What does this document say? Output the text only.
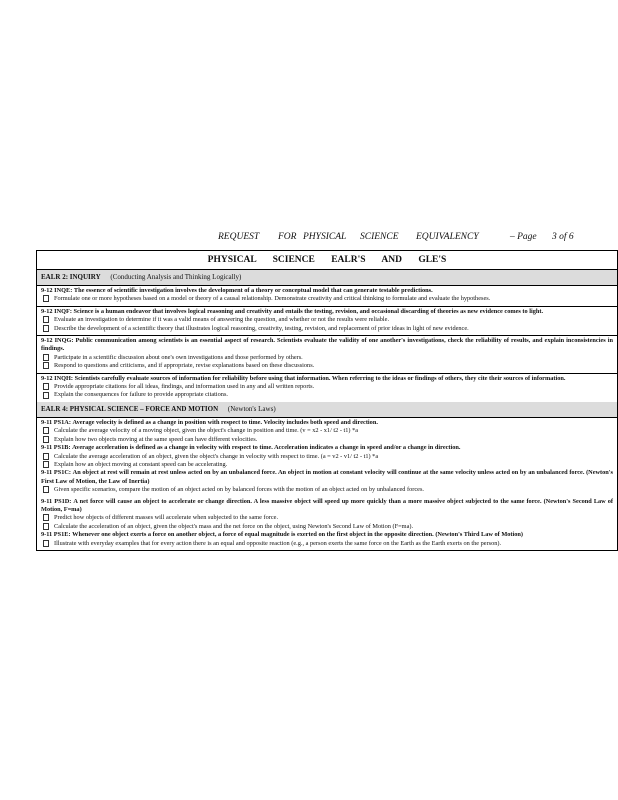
REQUEST FOR PHYSICAL SCIENCE EQUIVALENCY	– Page 3 of 6
PHYSICAL SCIENCE EALR'S AND GLE'S
EALR 2: INQUIRY (Conducting Analysis and Thinking Logically)

9-12 INQE: The essence of scientific investigation involves the development of a theory or conceptual model that can generate testable predictions.

Formulate one or more hypotheses based on a model or theory of a causal relationship. Demonstrate creativity and critical thinking to formulate and evaluate the hypotheses.

9-12 INQF: Science is a human endeavor that involves logical reasoning and creativity and entails the testing, revision, and occasional discarding of theories as new evidence comes to light.

Evaluate an investigation to determine if it was a valid means of answering the question, and whether or not the results were reliable.

Describe the development of a scientific theory that illustrates logical reasoning, creativity, testing, revision, and replacement of prior ideas in light of new evidence.

9-12 INQG: Public communication among scientists is an essential aspect of research. Scientists evaluate the validity of one another's investigations, check the reliability of results, and explain inconsistencies in findings.

Participate in a scientific discussion about one's own investigations and those performed by others.

Respond to questions and criticisms, and if appropriate, revise explanations based on these discussions.

9-12 INQH: Scientists carefully evaluate sources of information for reliability before using that information. When referring to the ideas or findings of others, they cite their sources of information.

Provide appropriate citations for all ideas, findings, and information used in any and all written reports.

Explain the consequences for failure to provide appropriate citations.

EALR 4: PHYSICAL SCIENCE – FORCE AND MOTION (Newton's Laws)

9-11 PS1A: Average velocity is defined as a change in position with respect to time. Velocity includes both speed and direction.

Calculate the average velocity of a moving object, given the object's change in position and time. (v = x2 - x1/ t2 - t1) *a

Explain how two objects moving at the same speed can have different velocities.

9-11 PS1B: Average acceleration is defined as a change in velocity with respect to time. Acceleration indicates a change in speed and/or a change in direction.

Calculate the average acceleration of an object, given the object's change in velocity with respect to time. (a = v2 - v1/ t2 - t1) *a

Explain how an object moving at constant speed can be accelerating.

9-11 PS1C: An object at rest will remain at rest unless acted on by an unbalanced force. An object in motion at constant velocity will continue at the same velocity unless acted on by an unbalanced force. (Newton's First Law of Motion, the Law of Inertia)

Given specific scenarios, compare the motion of an object acted on by balanced forces with the motion of an object acted on by unbalanced forces.

9-11 PS1D: A net force will cause an object to accelerate or change direction. A less massive object will speed up more quickly than a more massive object subjected to the same force. (Newton's Second Law of Motion, F=ma)

Predict how objects of different masses will accelerate when subjected to the same force.

Calculate the acceleration of an object, given the object's mass and the net force on the object, using Newton's Second Law of Motion (F=ma).

9-11 PS1E: Whenever one object exerts a force on another object, a force of equal magnitude is exerted on the first object in the opposite direction. (Newton's Third Law of Motion)

Illustrate with everyday examples that for every action there is an equal and opposite reaction (e.g., a person exerts the same force on the Earth as the Earth exerts on the person).
